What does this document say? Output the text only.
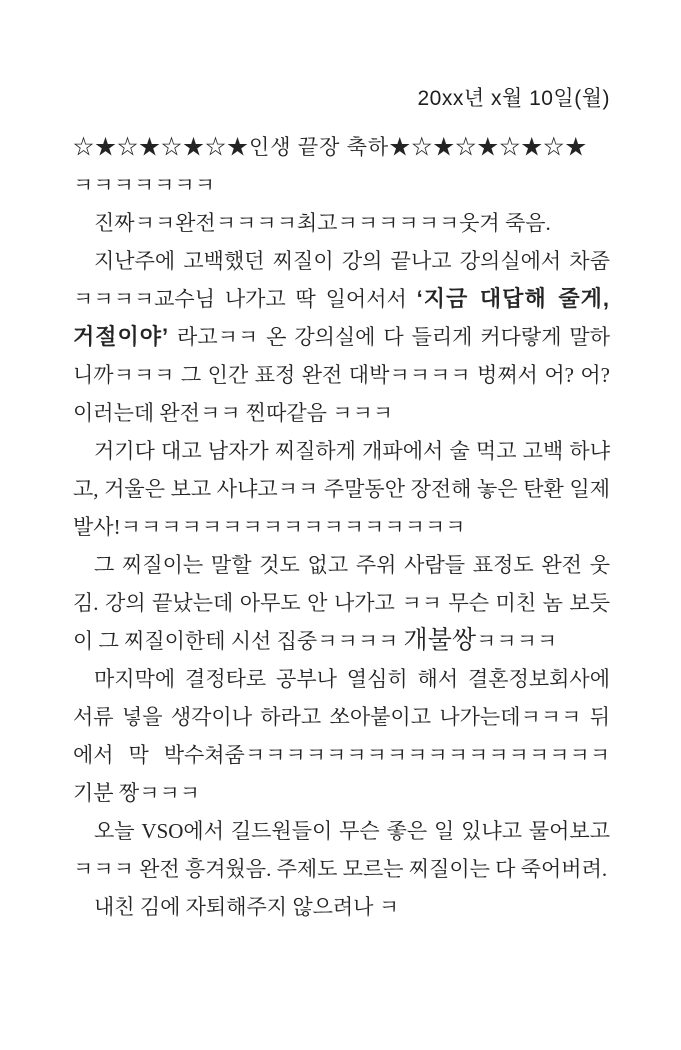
20xx년 x월 10일(월)

☆★☆★☆★☆★인생 끝장 축하★☆★☆★☆★☆★

ㅋㅋㅋㅋㅋㅋㅋ

진짜ㅋㅋ완전ㅋㅋㅋㅋ최고ㅋㅋㅋㅋㅋㅋ웃겨 죽음.

지난주에 고백했던 찌질이 강의 끝나고 강의실에서 차줌ㅋㅋㅋㅋ교수님 나가고 딱 일어서서 ‘지금 대답해 줄게, 거절이야’ 라고ㅋㅋ 온 강의실에 다 들리게 커다랗게 말하니까ㅋㅋㅋ 그 인간 표정 완전 대박ㅋㅋㅋㅋ 벙쪄서 어? 어? 이러는데 완전ㅋㅋ 찐따같음 ㅋㅋㅋ

거기다 대고 남자가 찌질하게 개파에서 술 먹고 고백 하냐고, 거울은 보고 사냐고ㅋㅋ 주말동안 장전해 놓은 탄환 일제 발사!ㅋㅋㅋㅋㅋㅋㅋㅋㅋㅋㅋㅋㅋㅋㅋㅋㅋ

그 찌질이는 말할 것도 없고 주위 사람들 표정도 완전 웃김. 강의 끝났는데 아무도 안 나가고 ㅋㅋ 무슨 미친 놈 보듯이 그 찌질이한테 시선 집중ㅋㅋㅋㅋ 개불쌍ㅋㅋㅋㅋ

마지막에 결정타로 공부나 열심히 해서 결혼정보회사에 서류 넣을 생각이나 하라고 쏘아붙이고 나가는데ㅋㅋㅋ 뒤에서 막 박수쳐줌ㅋㅋㅋㅋㅋㅋㅋㅋㅋㅋㅋㅋㅋㅋㅋㅋㅋㅋ 기분 짱ㅋㅋㅋ

오늘 VSO에서 길드원들이 무슨 좋은 일 있냐고 물어보고ㅋㅋㅋ 완전 흥겨웠음. 주제도 모르는 찌질이는 다 죽어버려.

내친 김에 자퇴해주지 않으려나 ㅋ
